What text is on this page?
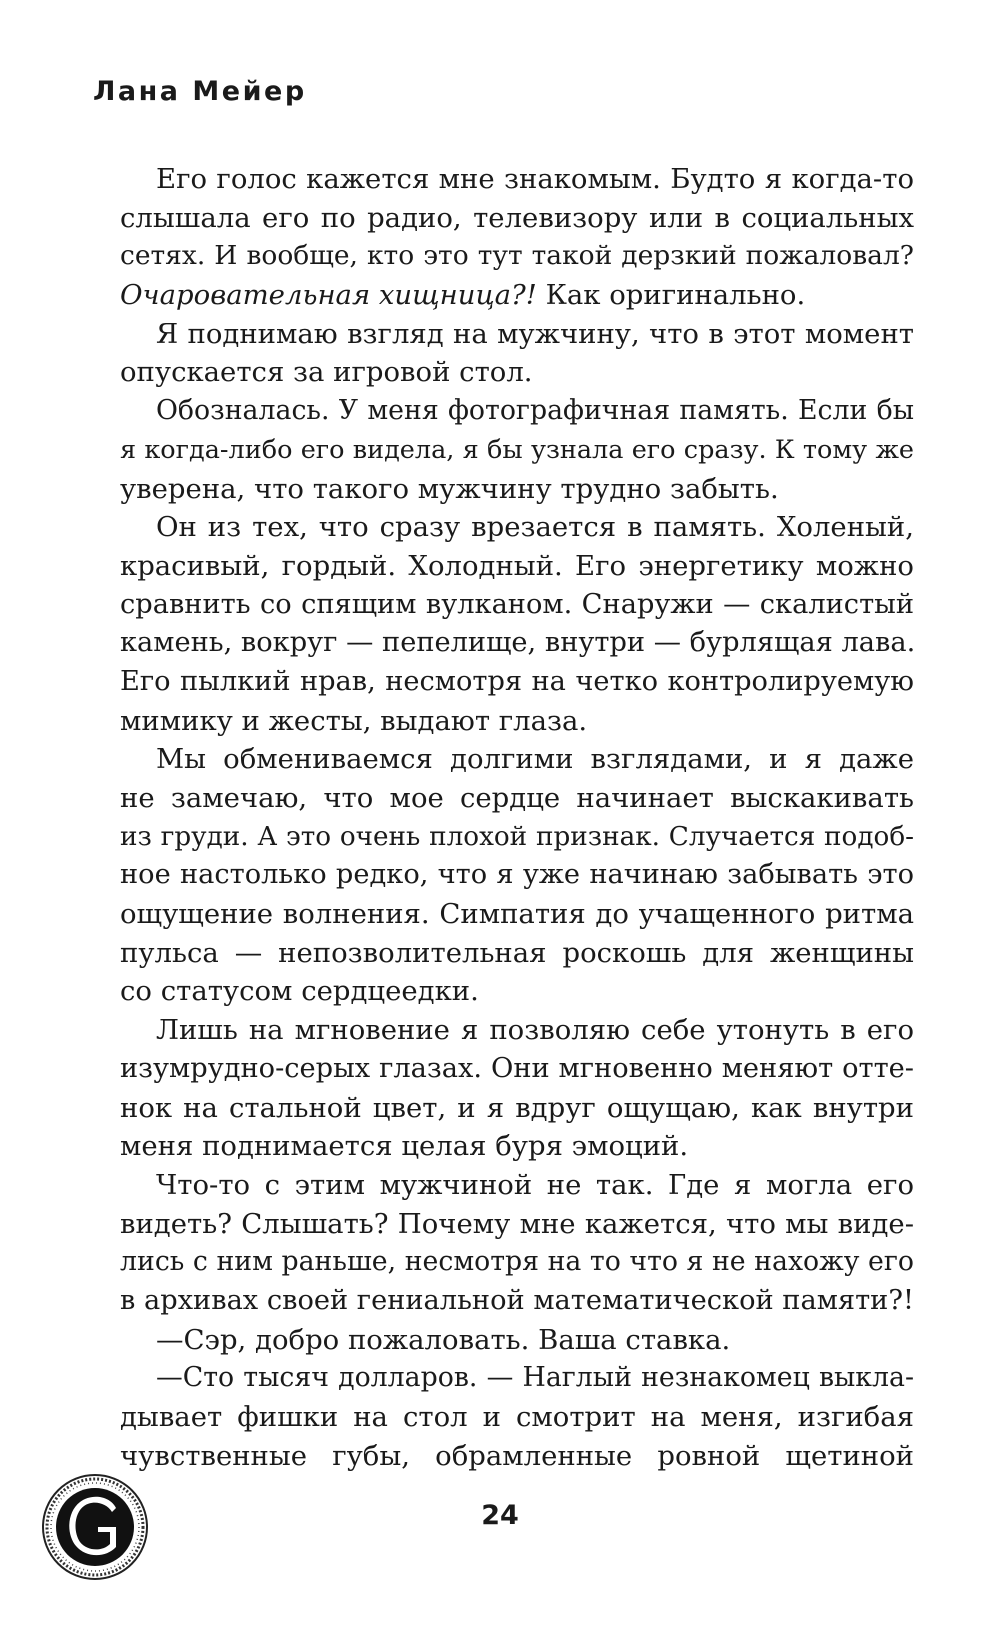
Лана Мейер
Его голос кажется мне знакомым. Будто я когда-то
слышала его по радио, телевизору или в социальных
сетях. И вообще, кто это тут такой дерзкий пожаловал?
Очаровательная хищница?! Как оригинально.
Я поднимаю взгляд на мужчину, что в этот момент
опускается за игровой стол.
Обозналась. У меня фотографичная память. Если бы
я когда-либо его видела, я бы узнала его сразу. К тому же
уверена, что такого мужчину трудно забыть.
Он из тех, что сразу врезается в память. Холеный,
красивый, гордый. Холодный. Его энергетику можно
сравнить со спящим вулканом. Снаружи — скалистый
камень, вокруг — пепелище, внутри — бурлящая лава.
Его пылкий нрав, несмотря на четко контролируемую
мимику и жесты, выдают глаза.
Мы обмениваемся долгими взглядами, и я даже
не замечаю, что мое сердце начинает выскакивать
из груди. А это очень плохой признак. Случается подоб-
ное настолько редко, что я уже начинаю забывать это
ощущение волнения. Симпатия до учащенного ритма
пульса — непозволительная роскошь для женщины
со статусом сердцеедки.
Лишь на мгновение я позволяю себе утонуть в его
изумрудно-серых глазах. Они мгновенно меняют отте-
нок на стальной цвет, и я вдруг ощущаю, как внутри
меня поднимается целая буря эмоций.
Что-то с этим мужчиной не так. Где я могла его
видеть? Слышать? Почему мне кажется, что мы виде-
лись с ним раньше, несмотря на то что я не нахожу его
в архивах своей гениальной математической памяти?!
—Сэр, добро пожаловать. Ваша ставка.
—Сто тысяч долларов. — Наглый незнакомец выкла-
дывает фишки на стол и смотрит на меня, изгибая
чувственные губы, обрамленные ровной щетиной
24
